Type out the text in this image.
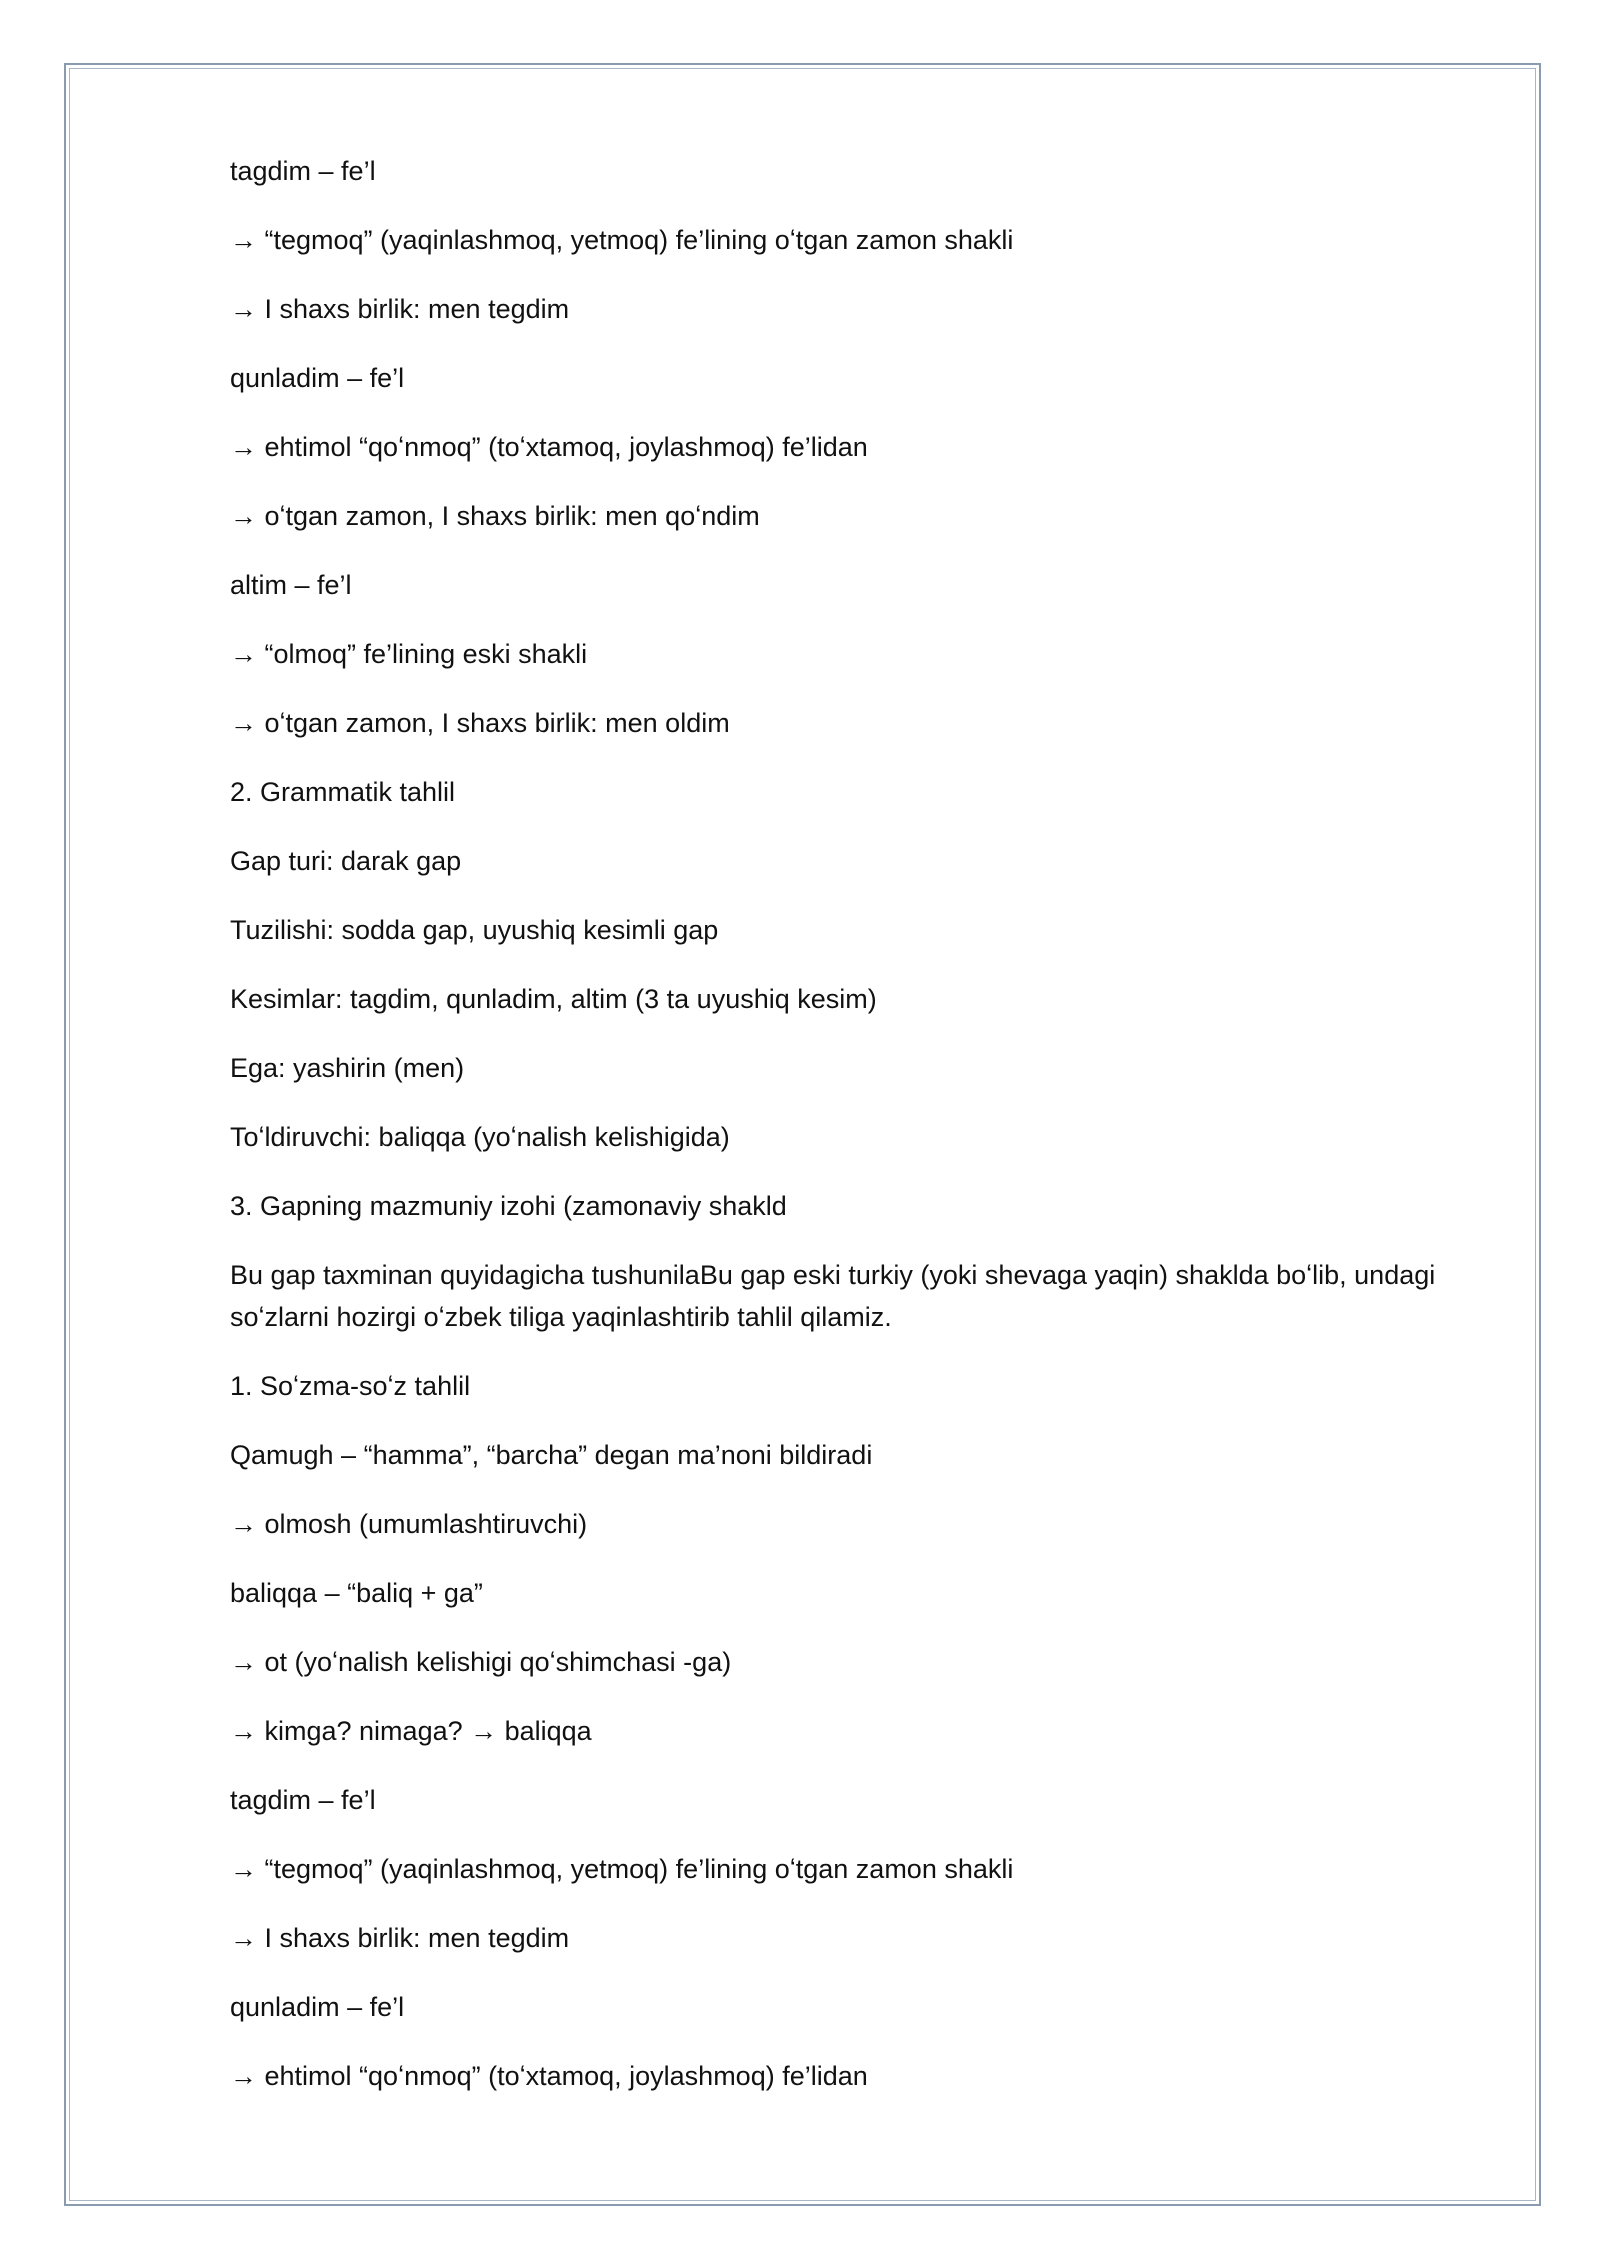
tagdim – fe’l

→ “tegmoq” (yaqinlashmoq, yetmoq) fe’lining oʻtgan zamon shakli

→ I shaxs birlik: men tegdim

qunladim – fe’l

→ ehtimol “qoʻnmoq” (toʻxtamoq, joylashmoq) fe’lidan

→ oʻtgan zamon, I shaxs birlik: men qoʻndim

altim – fe’l

→ “olmoq” fe’lining eski shakli

→ oʻtgan zamon, I shaxs birlik: men oldim

2. Grammatik tahlil

Gap turi: darak gap

Tuzilishi: sodda gap, uyushiq kesimli gap

Kesimlar: tagdim, qunladim, altim (3 ta uyushiq kesim)

Ega: yashirin (men)

Toʻldiruvchi: baliqqa (yoʻnalish kelishigida)

3. Gapning mazmuniy izohi (zamonaviy shakld

Bu gap taxminan quyidagicha tushunilaBu gap eski turkiy (yoki shevaga yaqin) shaklda boʻlib, undagi soʻzlarni hozirgi oʻzbek tiliga yaqinlashtirib tahlil qilamiz.

1. Soʻzma-soʻz tahlil

Qamugh – “hamma”, “barcha” degan ma’noni bildiradi

→ olmosh (umumlashtiruvchi)

baliqqa – “baliq + ga”

→ ot (yoʻnalish kelishigi qoʻshimchasi -ga)

→ kimga? nimaga? → baliqqa

tagdim – fe’l

→ “tegmoq” (yaqinlashmoq, yetmoq) fe’lining oʻtgan zamon shakli

→ I shaxs birlik: men tegdim

qunladim – fe’l

→ ehtimol “qoʻnmoq” (toʻxtamoq, joylashmoq) fe’lidan
